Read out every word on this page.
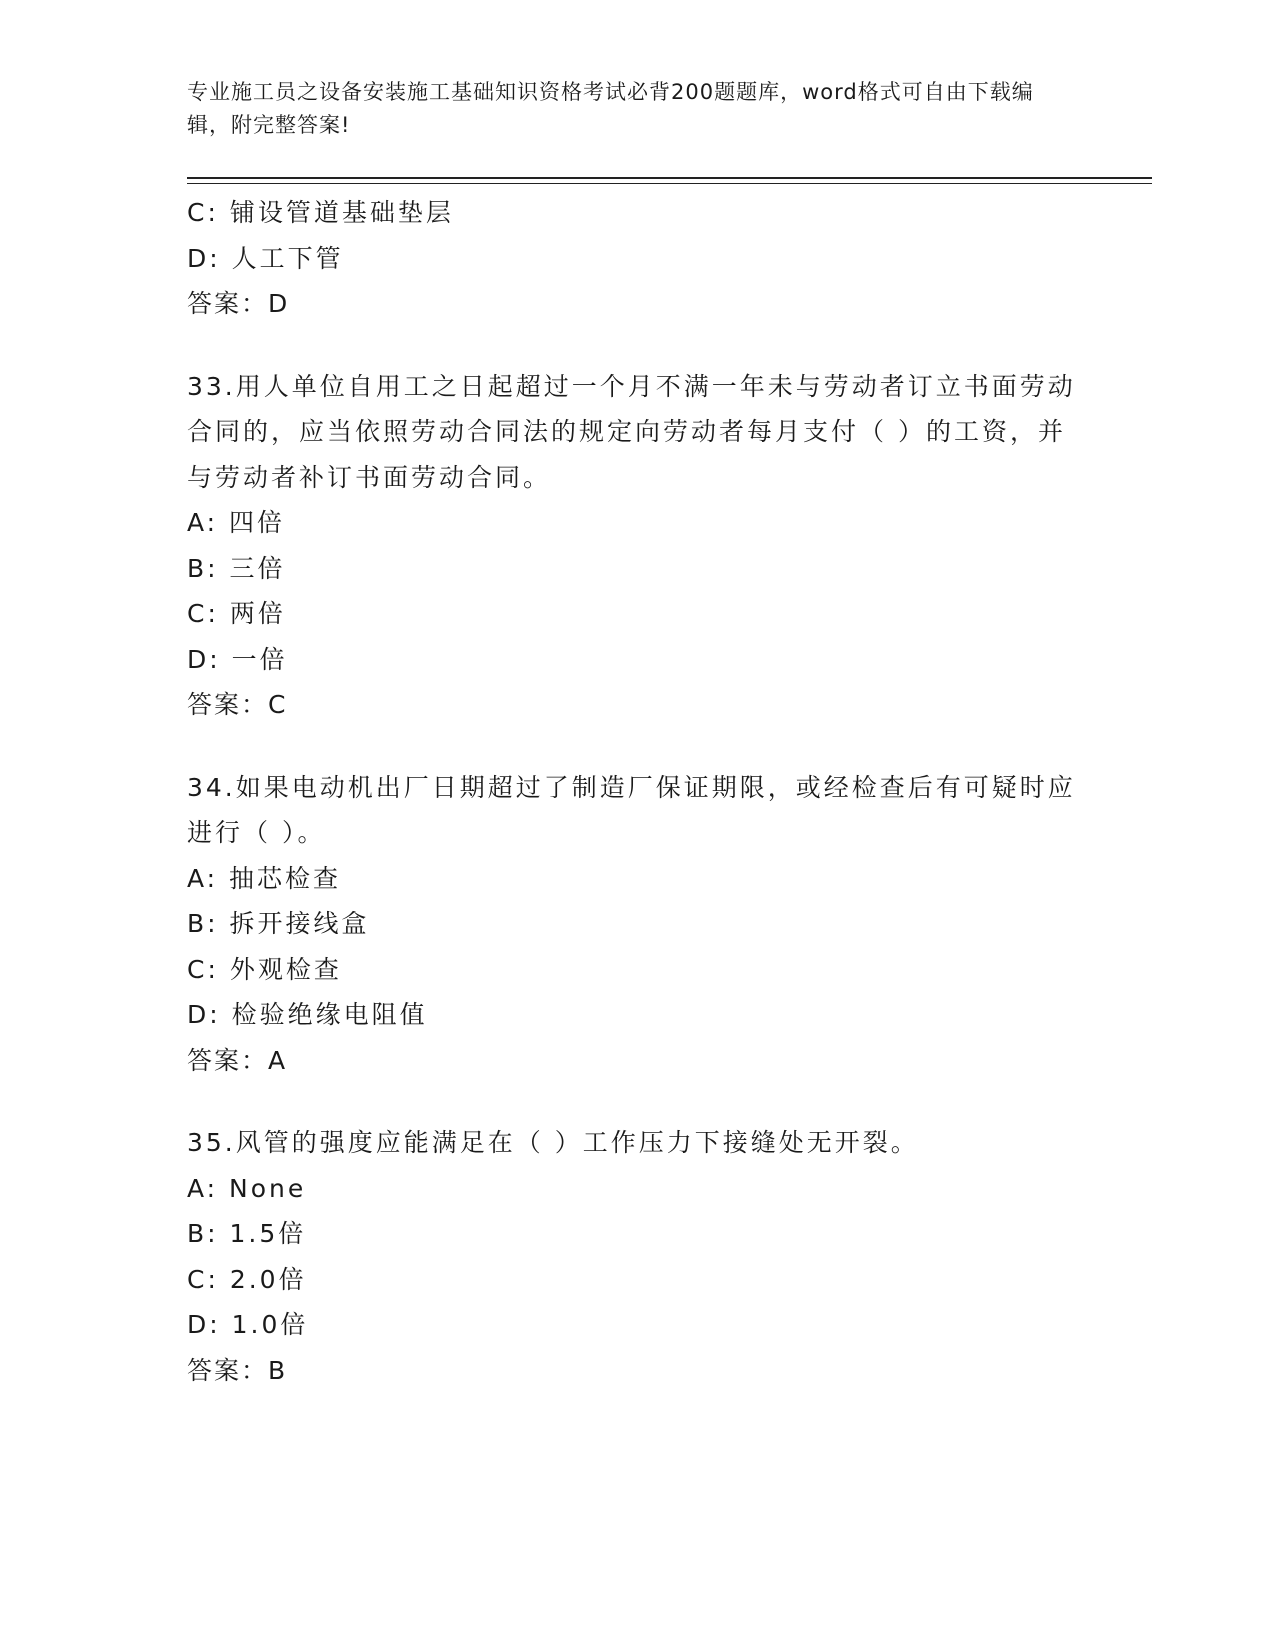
专业施工员之设备安装施工基础知识资格考试必背200题题库，word格式可自由下载编辑，附完整答案!
C: 铺设管道基础垫层
D: 人工下管
答案：D
33.用人单位自用工之日起超过一个月不满一年未与劳动者订立书面劳动合同的，应当依照劳动合同法的规定向劳动者每月支付（ ）的工资，并与劳动者补订书面劳动合同。
A: 四倍
B: 三倍
C: 两倍
D: 一倍
答案：C
34.如果电动机出厂日期超过了制造厂保证期限，或经检查后有可疑时应进行（ ）。
A: 抽芯检查
B: 拆开接线盒
C: 外观检查
D: 检验绝缘电阻值
答案：A
35.风管的强度应能满足在（ ）工作压力下接缝处无开裂。
A: None
B: 1.5倍
C: 2.0倍
D: 1.0倍
答案：B
